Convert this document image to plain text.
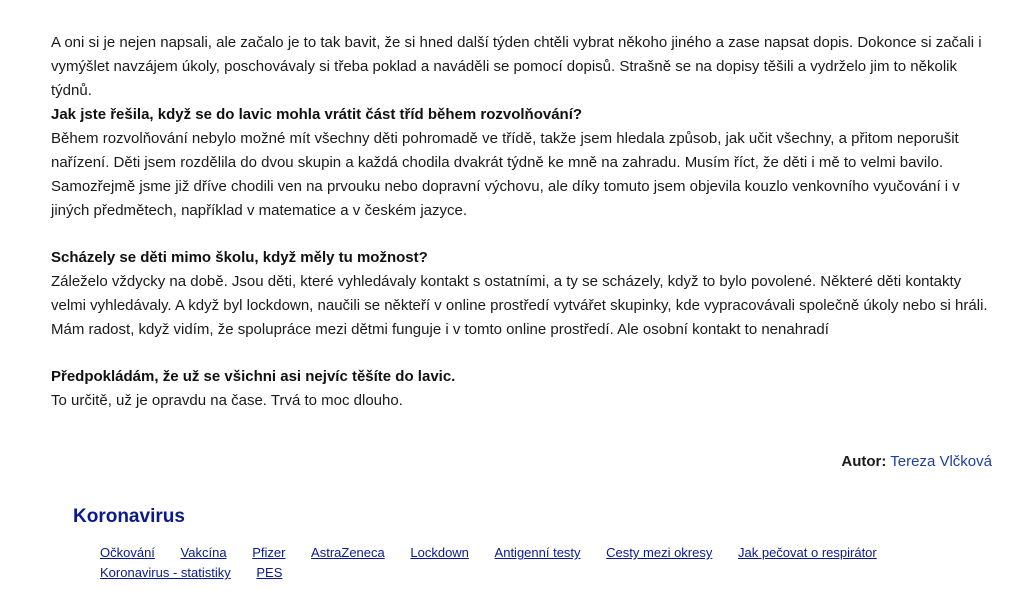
A oni si je nejen napsali, ale začalo je to tak bavit, že si hned další týden chtěli vybrat někoho jiného a zase napsat dopis. Dokonce si začali i vymýšlet navzájem úkoly, poschovávaly si třeba poklad a naváděli se pomocí dopisů. Strašně se na dopisy těšili a vydrželo jim to několik týdnů.

Jak jste řešila, když se do lavic mohla vrátit část tříd během rozvolňování?

Během rozvolňování nebylo možné mít všechny děti pohromadě ve třídě, takže jsem hledala způsob, jak učit všechny, a přitom neporušit nařízení. Děti jsem rozdělila do dvou skupin a každá chodila dvakrát týdně ke mně na zahradu. Musím říct, že děti i mě to velmi bavilo. Samozřejmě jsme již dříve chodili ven na prvouku nebo dopravní výchovu, ale díky tomuto jsem objevila kouzlo venkovního vyučování i v jiných předmětech, například v matematice a v českém jazyce.

Scházely se děti mimo školu, když měly tu možnost?

Záleželo vždycky na době. Jsou děti, které vyhledávaly kontakt s ostatními, a ty se scházely, když to bylo povolené. Některé děti kontakty velmi vyhledávaly. A když byl lockdown, naučili se někteří v online prostředí vytvářet skupinky, kde vypracovávali společně úkoly nebo si hráli. Mám radost, když vidím, že spolupráce mezi dětmi funguje i v tomto online prostředí. Ale osobní kontakt to nenahradí

Předpokládám, že už se všichni asi nejvíc těšíte do lavic.

To určitě, už je opravdu na čase. Trvá to moc dlouho.

Autor: Tereza Vlčková
Koronavirus
Očkování Vakcína Pfizer AstraZeneca Lockdown Antigenní testy Cesty mezi okresy Jak pečovat o respirátor Koronavirus - statistiky PES
